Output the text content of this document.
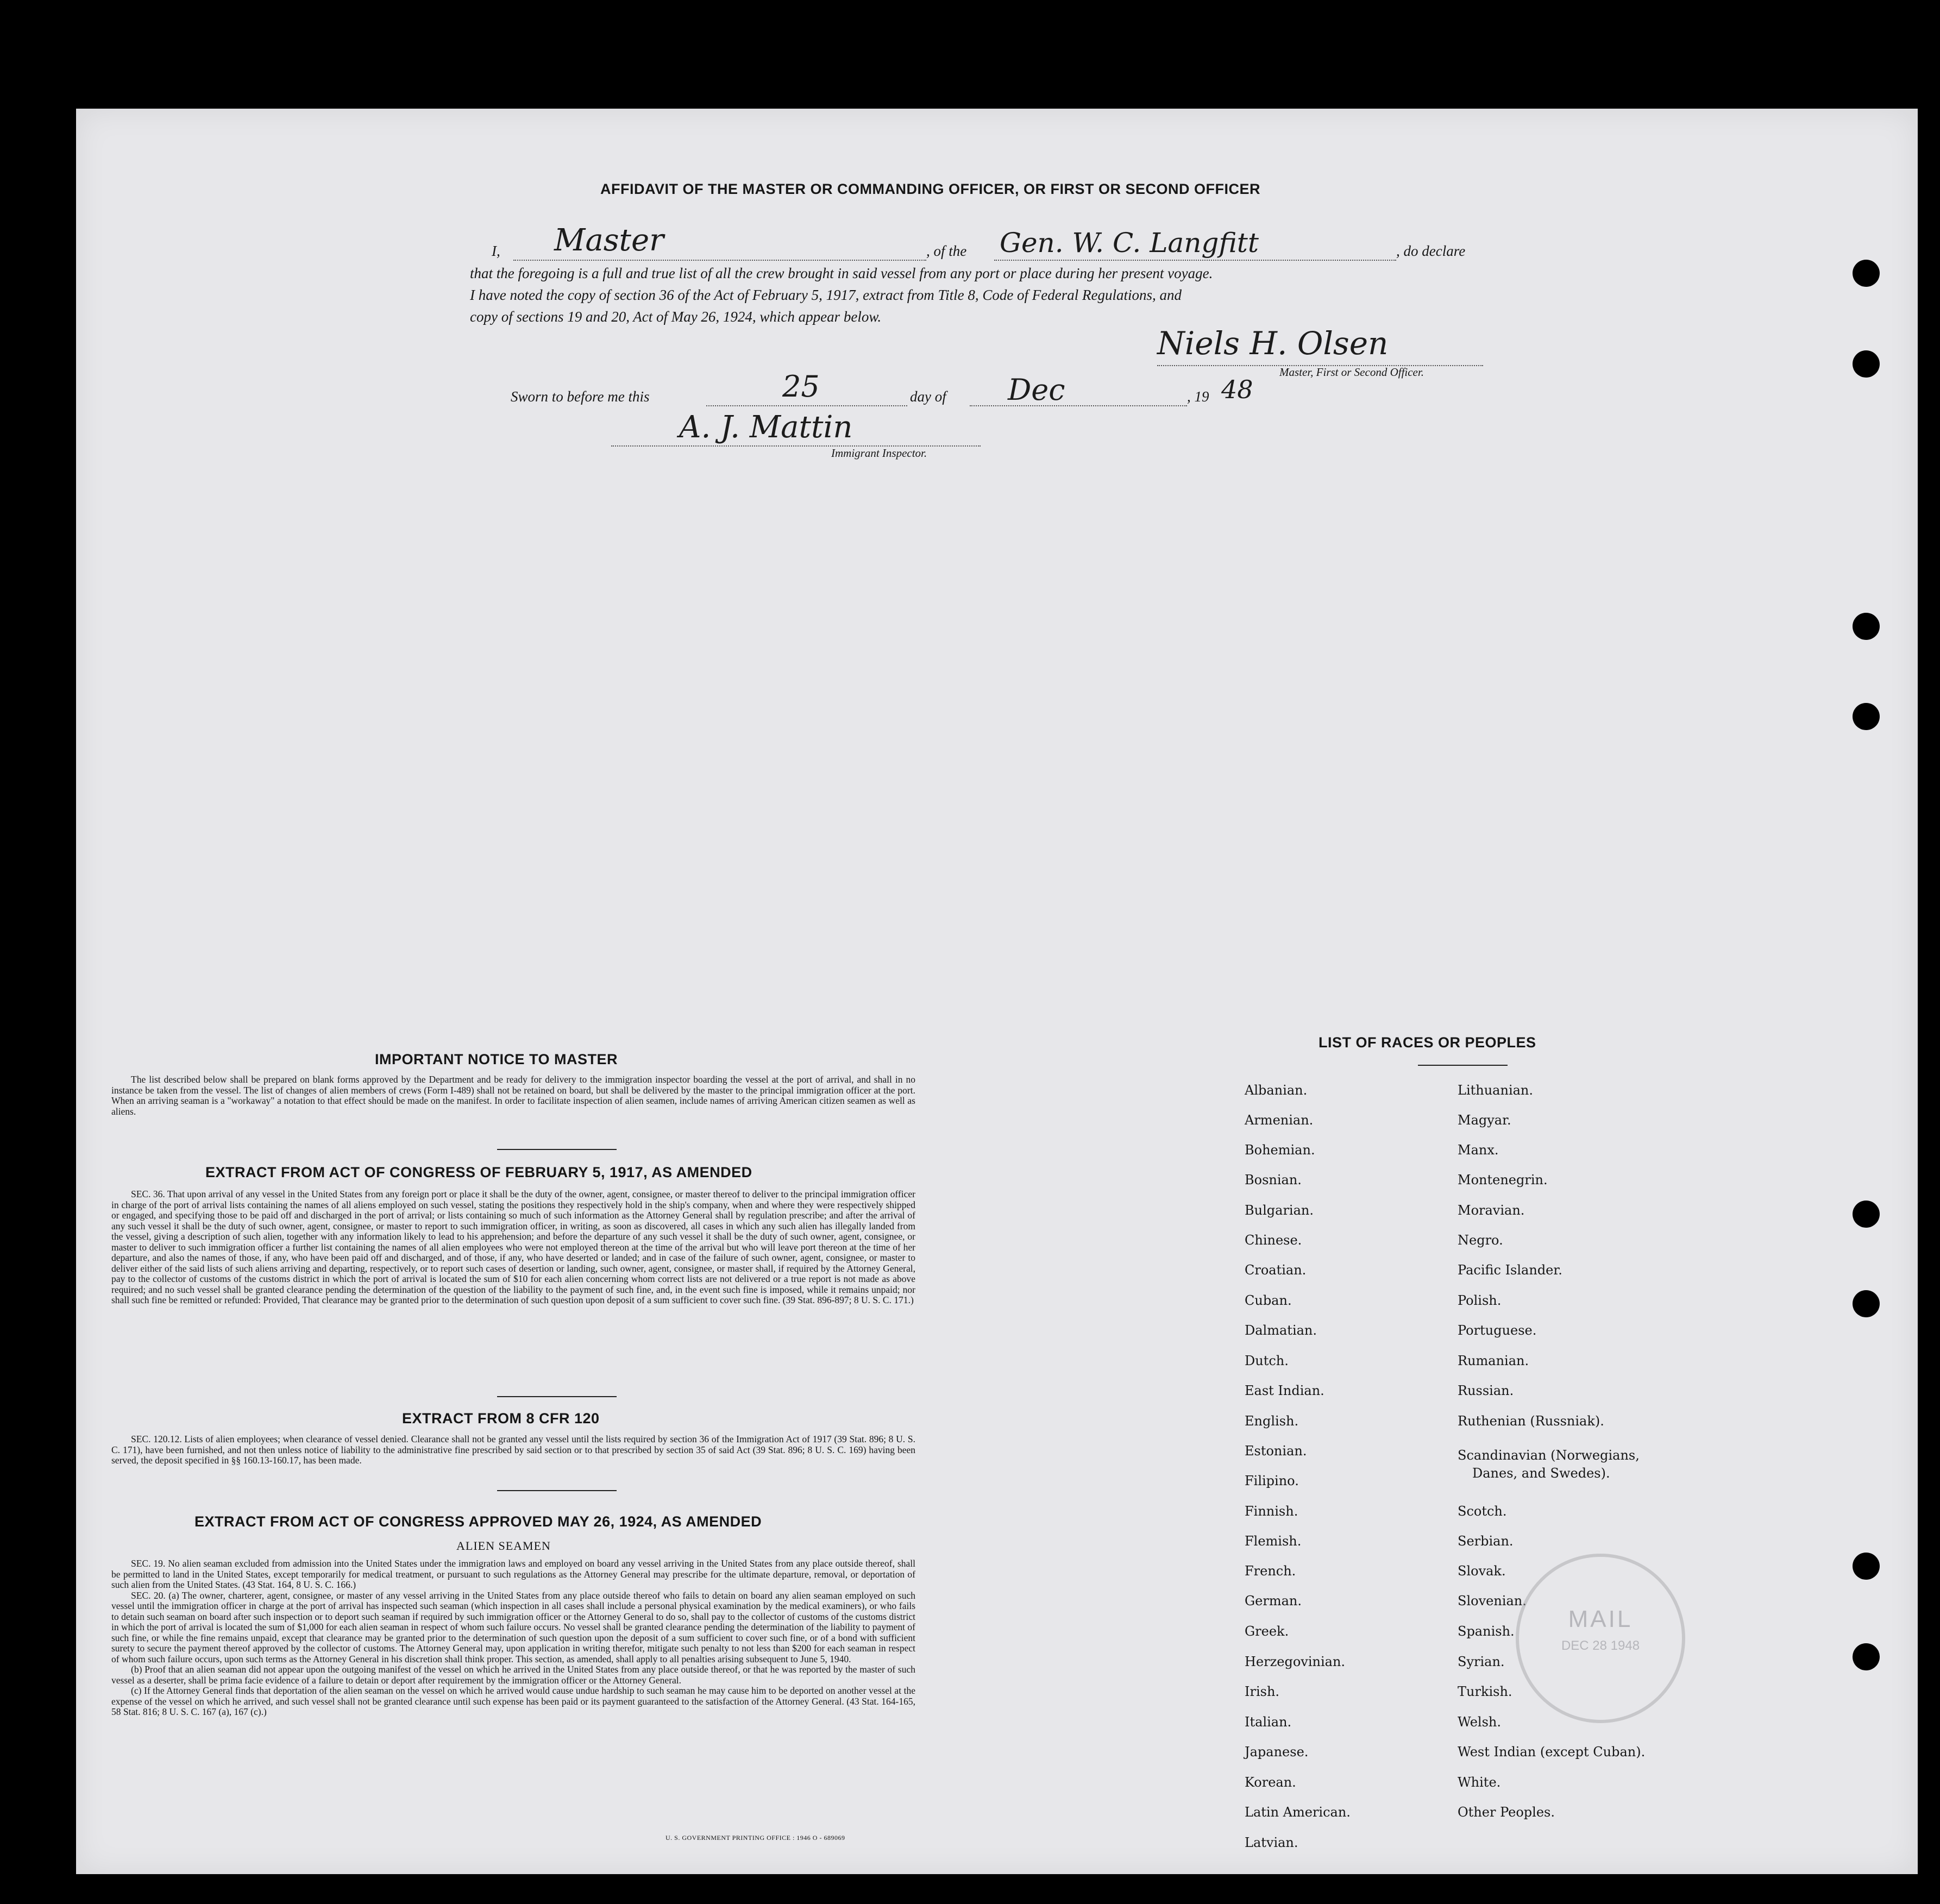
AFFIDAVIT OF THE MASTER OR COMMANDING OFFICER, OR FIRST OR SECOND OFFICER
I, Master	, of the Gen. W. C. Langfitt	, do declare
that the foregoing is a full and true list of all the crew brought in said vessel from any port or place during her present voyage.
I have noted the copy of section 36 of the Act of February 5, 1917, extract from Title 8, Code of Federal Regulations, and
copy of sections 19 and 20, Act of May 26, 1924, which appear below.
Niels H. Olsen
Master, First or Second Officer.
Sworn to before me this	25	day of Dec	, 19 48
A. J. Mattin
Immigrant Inspector.
IMPORTANT NOTICE TO MASTER

The list described below shall be prepared on blank forms approved by the Department and be ready for delivery to the immigration inspector boarding the vessel at the port of arrival, and shall in no instance be taken from the vessel. The list of changes of alien members of crews (Form I-489) shall not be retained on board, but shall be delivered by the master to the principal immigration officer at the port. When an arriving seaman is a "workaway" a notation to that effect should be made on the manifest. In order to facilitate inspection of alien seamen, include names of arriving American citizen seamen as well as aliens.

EXTRACT FROM ACT OF CONGRESS OF FEBRUARY 5, 1917, AS AMENDED

SEC. 36. That upon arrival of any vessel in the United States from any foreign port or place it shall be the duty of the owner, agent, consignee, or master thereof to deliver to the principal immigration officer in charge of the port of arrival lists containing the names of all aliens employed on such vessel, stating the positions they respectively hold in the ship's company, when and where they were respectively shipped or engaged, and specifying those to be paid off and discharged in the port of arrival; or lists containing so much of such information as the Attorney General shall by regulation prescribe; and after the arrival of any such vessel it shall be the duty of such owner, agent, consignee, or master to report to such immigration officer, in writing, as soon as discovered, all cases in which any such alien has illegally landed from the vessel, giving a description of such alien, together with any information likely to lead to his apprehension; and before the departure of any such vessel it shall be the duty of such owner, agent, consignee, or master to deliver to such immigration officer a further list containing the names of all alien employees who were not employed thereon at the time of the arrival but who will leave port thereon at the time of her departure, and also the names of those, if any, who have been paid off and discharged, and of those, if any, who have deserted or landed; and in case of the failure of such owner, agent, consignee, or master to deliver either of the said lists of such aliens arriving and departing, respectively, or to report such cases of desertion or landing, such owner, agent, consignee, or master shall, if required by the Attorney General, pay to the collector of customs of the customs district in which the port of arrival is located the sum of $10 for each alien concerning whom correct lists are not delivered or a true report is not made as above required; and no such vessel shall be granted clearance pending the determination of the question of the liability to the payment of such fine, and, in the event such fine is imposed, while it remains unpaid; nor shall such fine be remitted or refunded: Provided, That clearance may be granted prior to the determination of such question upon deposit of a sum sufficient to cover such fine. (39 Stat. 896-897; 8 U. S. C. 171.)

EXTRACT FROM 8 CFR 120

SEC. 120.12. Lists of alien employees; when clearance of vessel denied. Clearance shall not be granted any vessel until the lists required by section 36 of the Immigration Act of 1917 (39 Stat. 896; 8 U. S. C. 171), have been furnished, and not then unless notice of liability to the administrative fine prescribed by said section or to that prescribed by section 35 of said Act (39 Stat. 896; 8 U. S. C. 169) having been served, the deposit specified in §§ 160.13-160.17, has been made.

EXTRACT FROM ACT OF CONGRESS APPROVED MAY 26, 1924, AS AMENDED
ALIEN SEAMEN

SEC. 19. No alien seaman excluded from admission into the United States under the immigration laws and employed on board any vessel arriving in the United States from any place outside thereof, shall be permitted to land in the United States, except temporarily for medical treatment, or pursuant to such regulations as the Attorney General may prescribe for the ultimate departure, removal, or deportation of such alien from the United States. (43 Stat. 164, 8 U. S. C. 166.)

SEC. 20. (a) The owner, charterer, agent, consignee, or master of any vessel arriving in the United States from any place outside thereof who fails to detain on board any alien seaman employed on such vessel until the immigration officer in charge at the port of arrival has inspected such seaman (which inspection in all cases shall include a personal physical examination by the medical examiners), or who fails to detain such seaman on board after such inspection or to deport such seaman if required by such immigration officer or the Attorney General to do so, shall pay to the collector of customs of the customs district in which the port of arrival is located the sum of $1,000 for each alien seaman in respect of whom such failure occurs. No vessel shall be granted clearance pending the determination of the liability to payment of such fine, or while the fine remains unpaid, except that clearance may be granted prior to the determination of such question upon the deposit of a sum sufficient to cover such fine, or of a bond with sufficient surety to secure the payment thereof approved by the collector of customs. The Attorney General may, upon application in writing therefor, mitigate such penalty to not less than $200 for each seaman in respect of whom such failure occurs, upon such terms as the Attorney General in his discretion shall think proper. This section, as amended, shall apply to all penalties arising subsequent to June 5, 1940.

(b) Proof that an alien seaman did not appear upon the outgoing manifest of the vessel on which he arrived in the United States from any place outside thereof, or that he was reported by the master of such vessel as a deserter, shall be prima facie evidence of a failure to detain or deport after requirement by the immigration officer or the Attorney General.

(c) If the Attorney General finds that deportation of the alien seaman on the vessel on which he arrived would cause undue hardship to such seaman he may cause him to be deported on another vessel at the expense of the vessel on which he arrived, and such vessel shall not be granted clearance until such expense has been paid or its payment guaranteed to the satisfaction of the Attorney General. (43 Stat. 164-165, 58 Stat. 816; 8 U. S. C. 167 (a), 167 (c).)

U. S. GOVERNMENT PRINTING OFFICE : 1946 O - 689069
LIST OF RACES OR PEOPLES
Albanian.
Armenian.
Bohemian.
Bosnian.
Bulgarian.
Chinese.
Croatian.
Cuban.
Dalmatian.
Dutch.
East Indian.
English.
Estonian.
Filipino.
Finnish.
Flemish.
French.
German.
Greek.
Herzegovinian.
Irish.
Italian.
Japanese.
Korean.
Latin American.
Latvian.
Lithuanian.
Magyar.
Manx.
Montenegrin.
Moravian.
Negro.
Pacific Islander.
Polish.
Portuguese.
Rumanian.
Russian.
Ruthenian (Russniak).
Scandinavian (Norwegians,
Danes, and Swedes).
Scotch.
Serbian.
Slovak.
Slovenian.
Spanish.
Syrian.
Turkish.
Welsh.
West Indian (except Cuban).
White.
Other Peoples.
MAIL
DEC 28 1948
